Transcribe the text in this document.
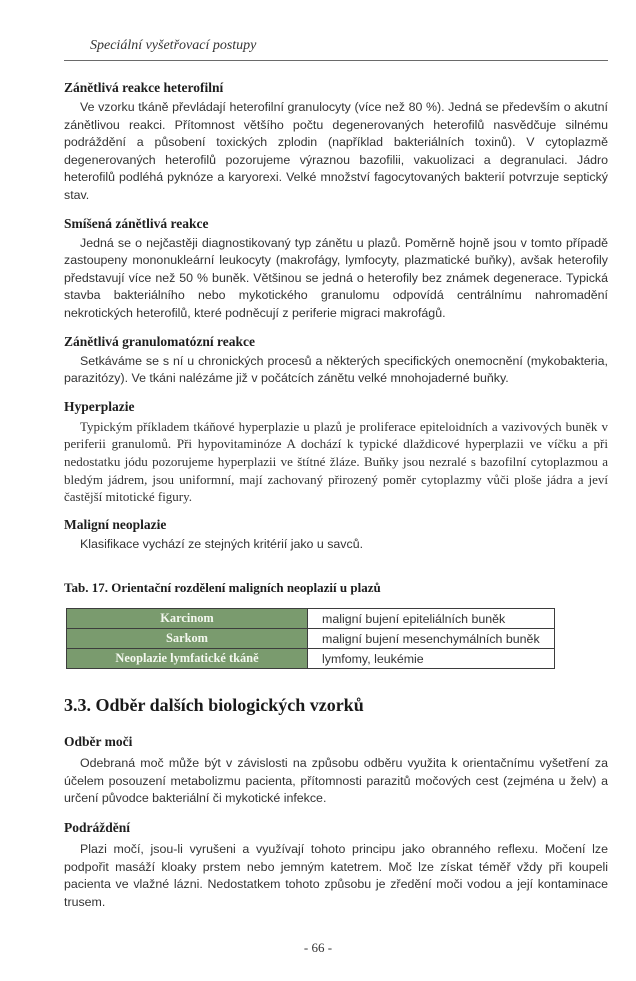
Speciální vyšetřovací postupy
Zánětlivá reakce heterofilní

Ve vzorku tkáně převládají heterofilní granulocyty (více než 80 %). Jedná se především o akutní zánětlivou reakci. Přítomnost většího počtu degenerovaných heterofilů nasvědčuje silnému podráždění a působení toxických zplodin (například bakteriálních toxinů). V cytoplazmě degenerovaných heterofilů pozorujeme výraznou bazofilii, vakuolizaci a degranulaci. Jádro heterofilů podléhá pyknóze a karyorexi. Velké množství fagocytovaných bakterií potvrzuje septický stav.

Smíšená zánětlivá reakce

Jedná se o nejčastěji diagnostikovaný typ zánětu u plazů. Poměrně hojně jsou v tomto případě zastoupeny mononukleární leukocyty (makrofágy, lymfocyty, plazmatické buňky), avšak heterofily představují více než 50 % buněk. Většinou se jedná o heterofily bez známek degenerace. Typická stavba bakteriálního nebo mykotického granulomu odpovídá centrálnímu nahromadění nekrotických heterofilů, které podněcují z periferie migraci makrofágů.

Zánětlivá granulomatózní reakce

Setkáváme se s ní u chronických procesů a některých specifických onemocnění (mykobakteria, parazitózy). Ve tkáni nalézáme již v počátcích zánětu velké mnohojaderné buňky.

Hyperplazie

Typickým příkladem tkáňové hyperplazie u plazů je proliferace epiteloidních a vazivových buněk v periferii granulomů. Při hypovitaminóze A dochází k typické dlaždicové hyperplazii ve víčku a při nedostatku jódu pozorujeme hyperplazii ve štítné žláze. Buňky jsou nezralé s bazofilní cytoplazmou a bledým jádrem, jsou uniformní, mají zachovaný přirozený poměr cytoplazmy vůči ploše jádra a jeví častější mitotické figury.

Maligní neoplazie

Klasifikace vychází ze stejných kritérií jako u savců.

Tab. 17. Orientační rozdělení maligních neoplazií u plazů
Karcinom	maligní bujení epiteliálních buněk
Sarkom	maligní bujení mesenchymálních buněk
Neoplazie lymfatické tkáně	lymfomy, leukémie
3.3. Odběr dalších biologických vzorků
Odběr moči

Odebraná moč může být v závislosti na způsobu odběru využita k orientačnímu vyšetření za účelem posouzení metabolizmu pacienta, přítomnosti parazitů močových cest (zejména u želv) a určení původce bakteriální či mykotické infekce.

Podráždění

Plazi močí, jsou-li vyrušeni a využívají tohoto principu jako obranného reflexu. Močení lze podpořit masáží kloaky prstem nebo jemným katetrem. Moč lze získat téměř vždy při koupeli pacienta ve vlažné lázni. Nedostatkem tohoto způsobu je zředění moči vodou a její kontaminace trusem.

- 66 -
